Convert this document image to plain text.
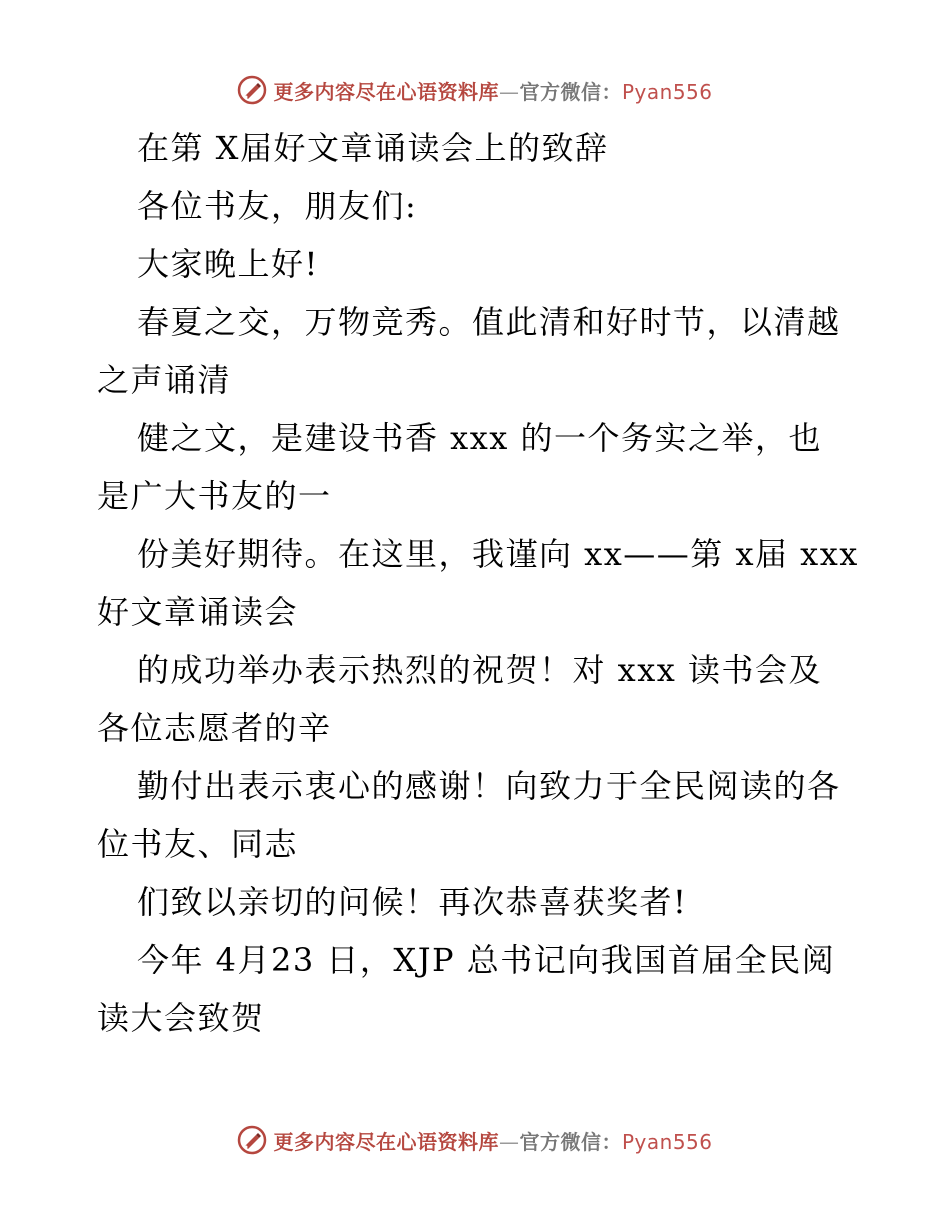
更多内容尽在心语资料库—官方微信：Pyan556
在第 X届好文章诵读会上的致辞
各位书友，朋友们:
大家晚上好!
春夏之交，万物竞秀。值此清和好时节，以清越
之声诵清
健之文，是建设书香 xxx 的一个务实之举，也
是广大书友的一
份美好期待。在这里，我谨向 xx——第 x届 xxx
好文章诵读会
的成功举办表示热烈的祝贺！对 xxx 读书会及
各位志愿者的辛
勤付出表示衷心的感谢！向致力于全民阅读的各
位书友、同志
们致以亲切的问候！再次恭喜获奖者!
今年 4月23 日，XJP 总书记向我国首届全民阅
读大会致贺
更多内容尽在心语资料库—官方微信：Pyan556
